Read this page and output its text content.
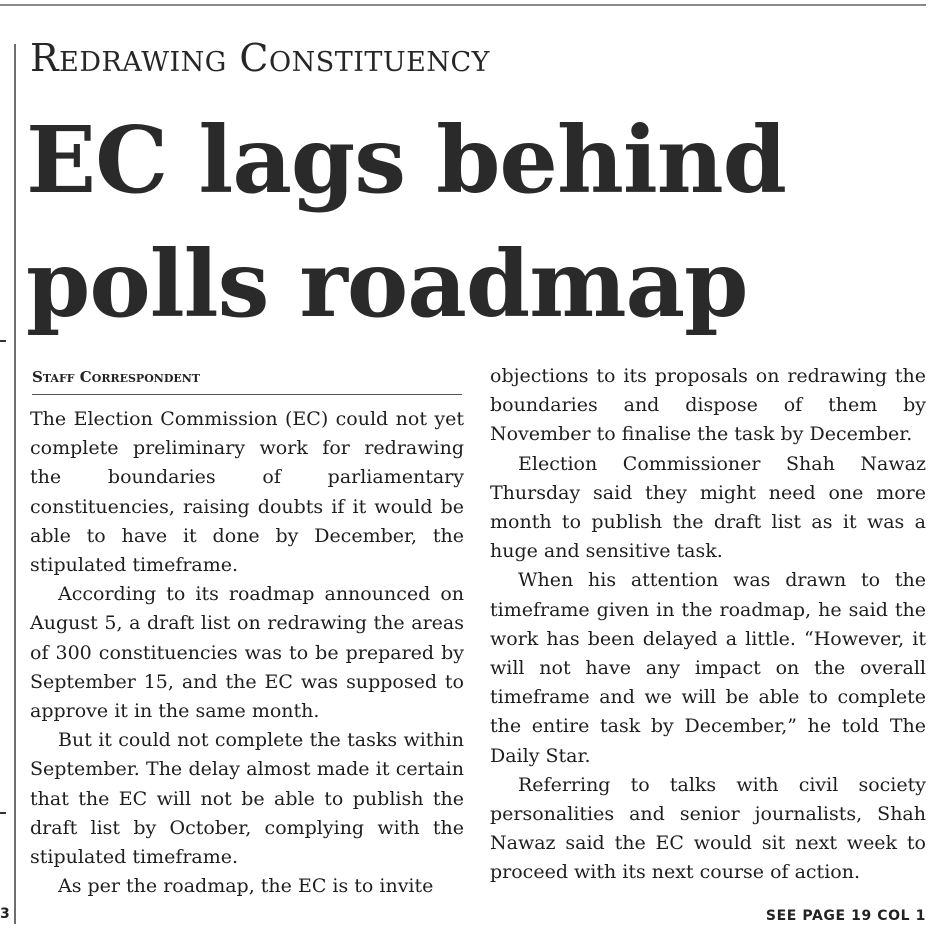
3
Redrawing Constituency
EC lags behind
polls roadmap
Staff Correspondent

The Election Commission (EC) could not yet complete preliminary work for redrawing the boundaries of parliamentary constituencies, raising doubts if it would be able to have it done by December, the stipulated timeframe.

According to its roadmap announced on August 5, a draft list on redrawing the areas of 300 constituencies was to be prepared by September 15, and the EC was supposed to approve it in the same month.

But it could not complete the tasks within September. The delay almost made it certain that the EC will not be able to publish the draft list by October, complying with the stipulated timeframe.

As per the roadmap, the EC is to invite

objections to its proposals on redrawing the boundaries and dispose of them by November to finalise the task by December.

Election Commissioner Shah Nawaz Thursday said they might need one more month to publish the draft list as it was a huge and sensitive task.

When his attention was drawn to the timeframe given in the roadmap, he said the work has been delayed a little. “However, it will not have any impact on the overall timeframe and we will be able to complete the entire task by December,” he told The Daily Star.

Referring to talks with civil society personalities and senior journalists, Shah Nawaz said the EC would sit next week to proceed with its next course of action.

SEE PAGE 19 COL 1
